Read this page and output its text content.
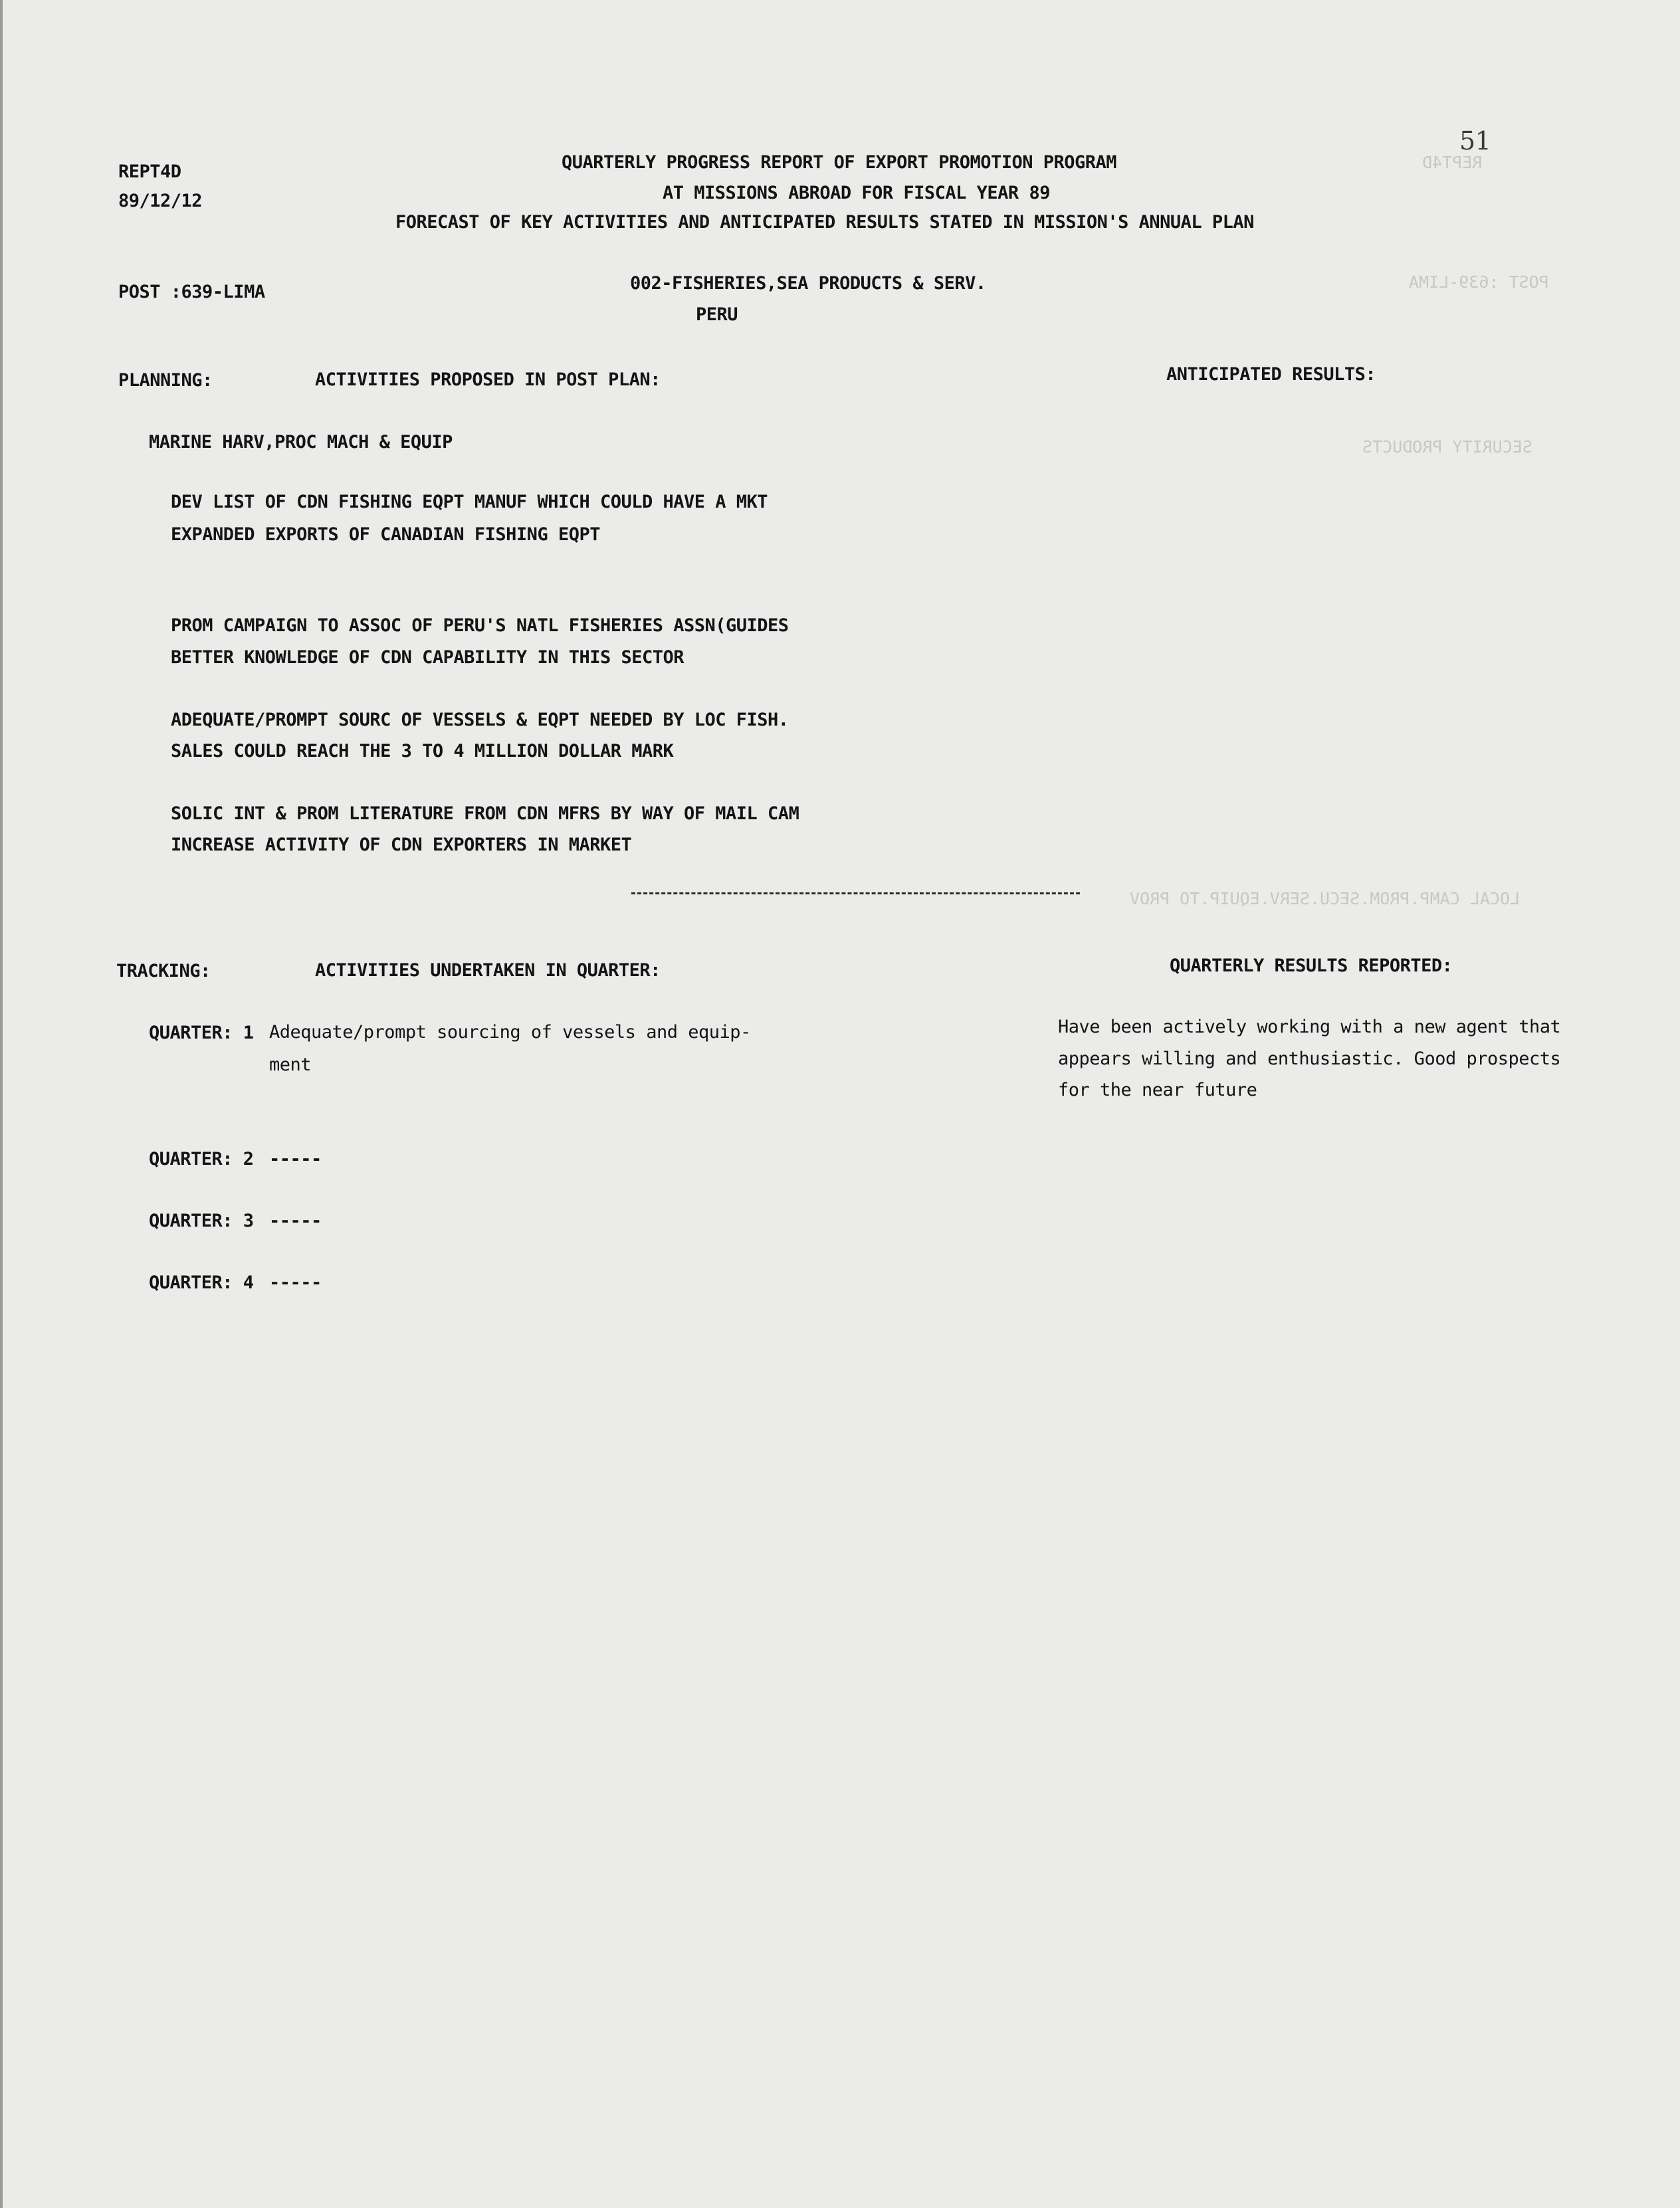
REPT4D
POST :639-LIMA
SECURITY PRODUCTS
LOCAL CAMP.PROM.SECU.SERV.EQUIP.TO PROV
51
REPT4D
89/12/12
QUARTERLY PROGRESS REPORT OF EXPORT PROMOTION PROGRAM
AT MISSIONS ABROAD FOR FISCAL YEAR 89
FORECAST OF KEY ACTIVITIES AND ANTICIPATED RESULTS STATED IN MISSION'S ANNUAL PLAN
POST :639-LIMA	002-FISHERIES,SEA PRODUCTS & SERV.
PERU
PLANNING:	ACTIVITIES PROPOSED IN POST PLAN:	ANTICIPATED RESULTS:
MARINE HARV,PROC MACH & EQUIP
DEV LIST OF CDN FISHING EQPT MANUF WHICH COULD HAVE A MKT
EXPANDED EXPORTS OF CANADIAN FISHING EQPT
PROM CAMPAIGN TO ASSOC OF PERU'S NATL FISHERIES ASSN(GUIDES
BETTER KNOWLEDGE OF CDN CAPABILITY IN THIS SECTOR
ADEQUATE/PROMPT SOURC OF VESSELS & EQPT NEEDED BY LOC FISH.
SALES COULD REACH THE 3 TO 4 MILLION DOLLAR MARK
SOLIC INT & PROM LITERATURE FROM CDN MFRS BY WAY OF MAIL CAM
INCREASE ACTIVITY OF CDN EXPORTERS IN MARKET
TRACKING:	ACTIVITIES UNDERTAKEN IN QUARTER:	QUARTERLY RESULTS REPORTED:
QUARTER: 1 Adequate/prompt sourcing of vessels and equip-
ment
Have been actively working with a new agent that
appears willing and enthusiastic. Good prospects
for the near future
QUARTER: 2 -----
QUARTER: 3 -----
QUARTER: 4 -----
